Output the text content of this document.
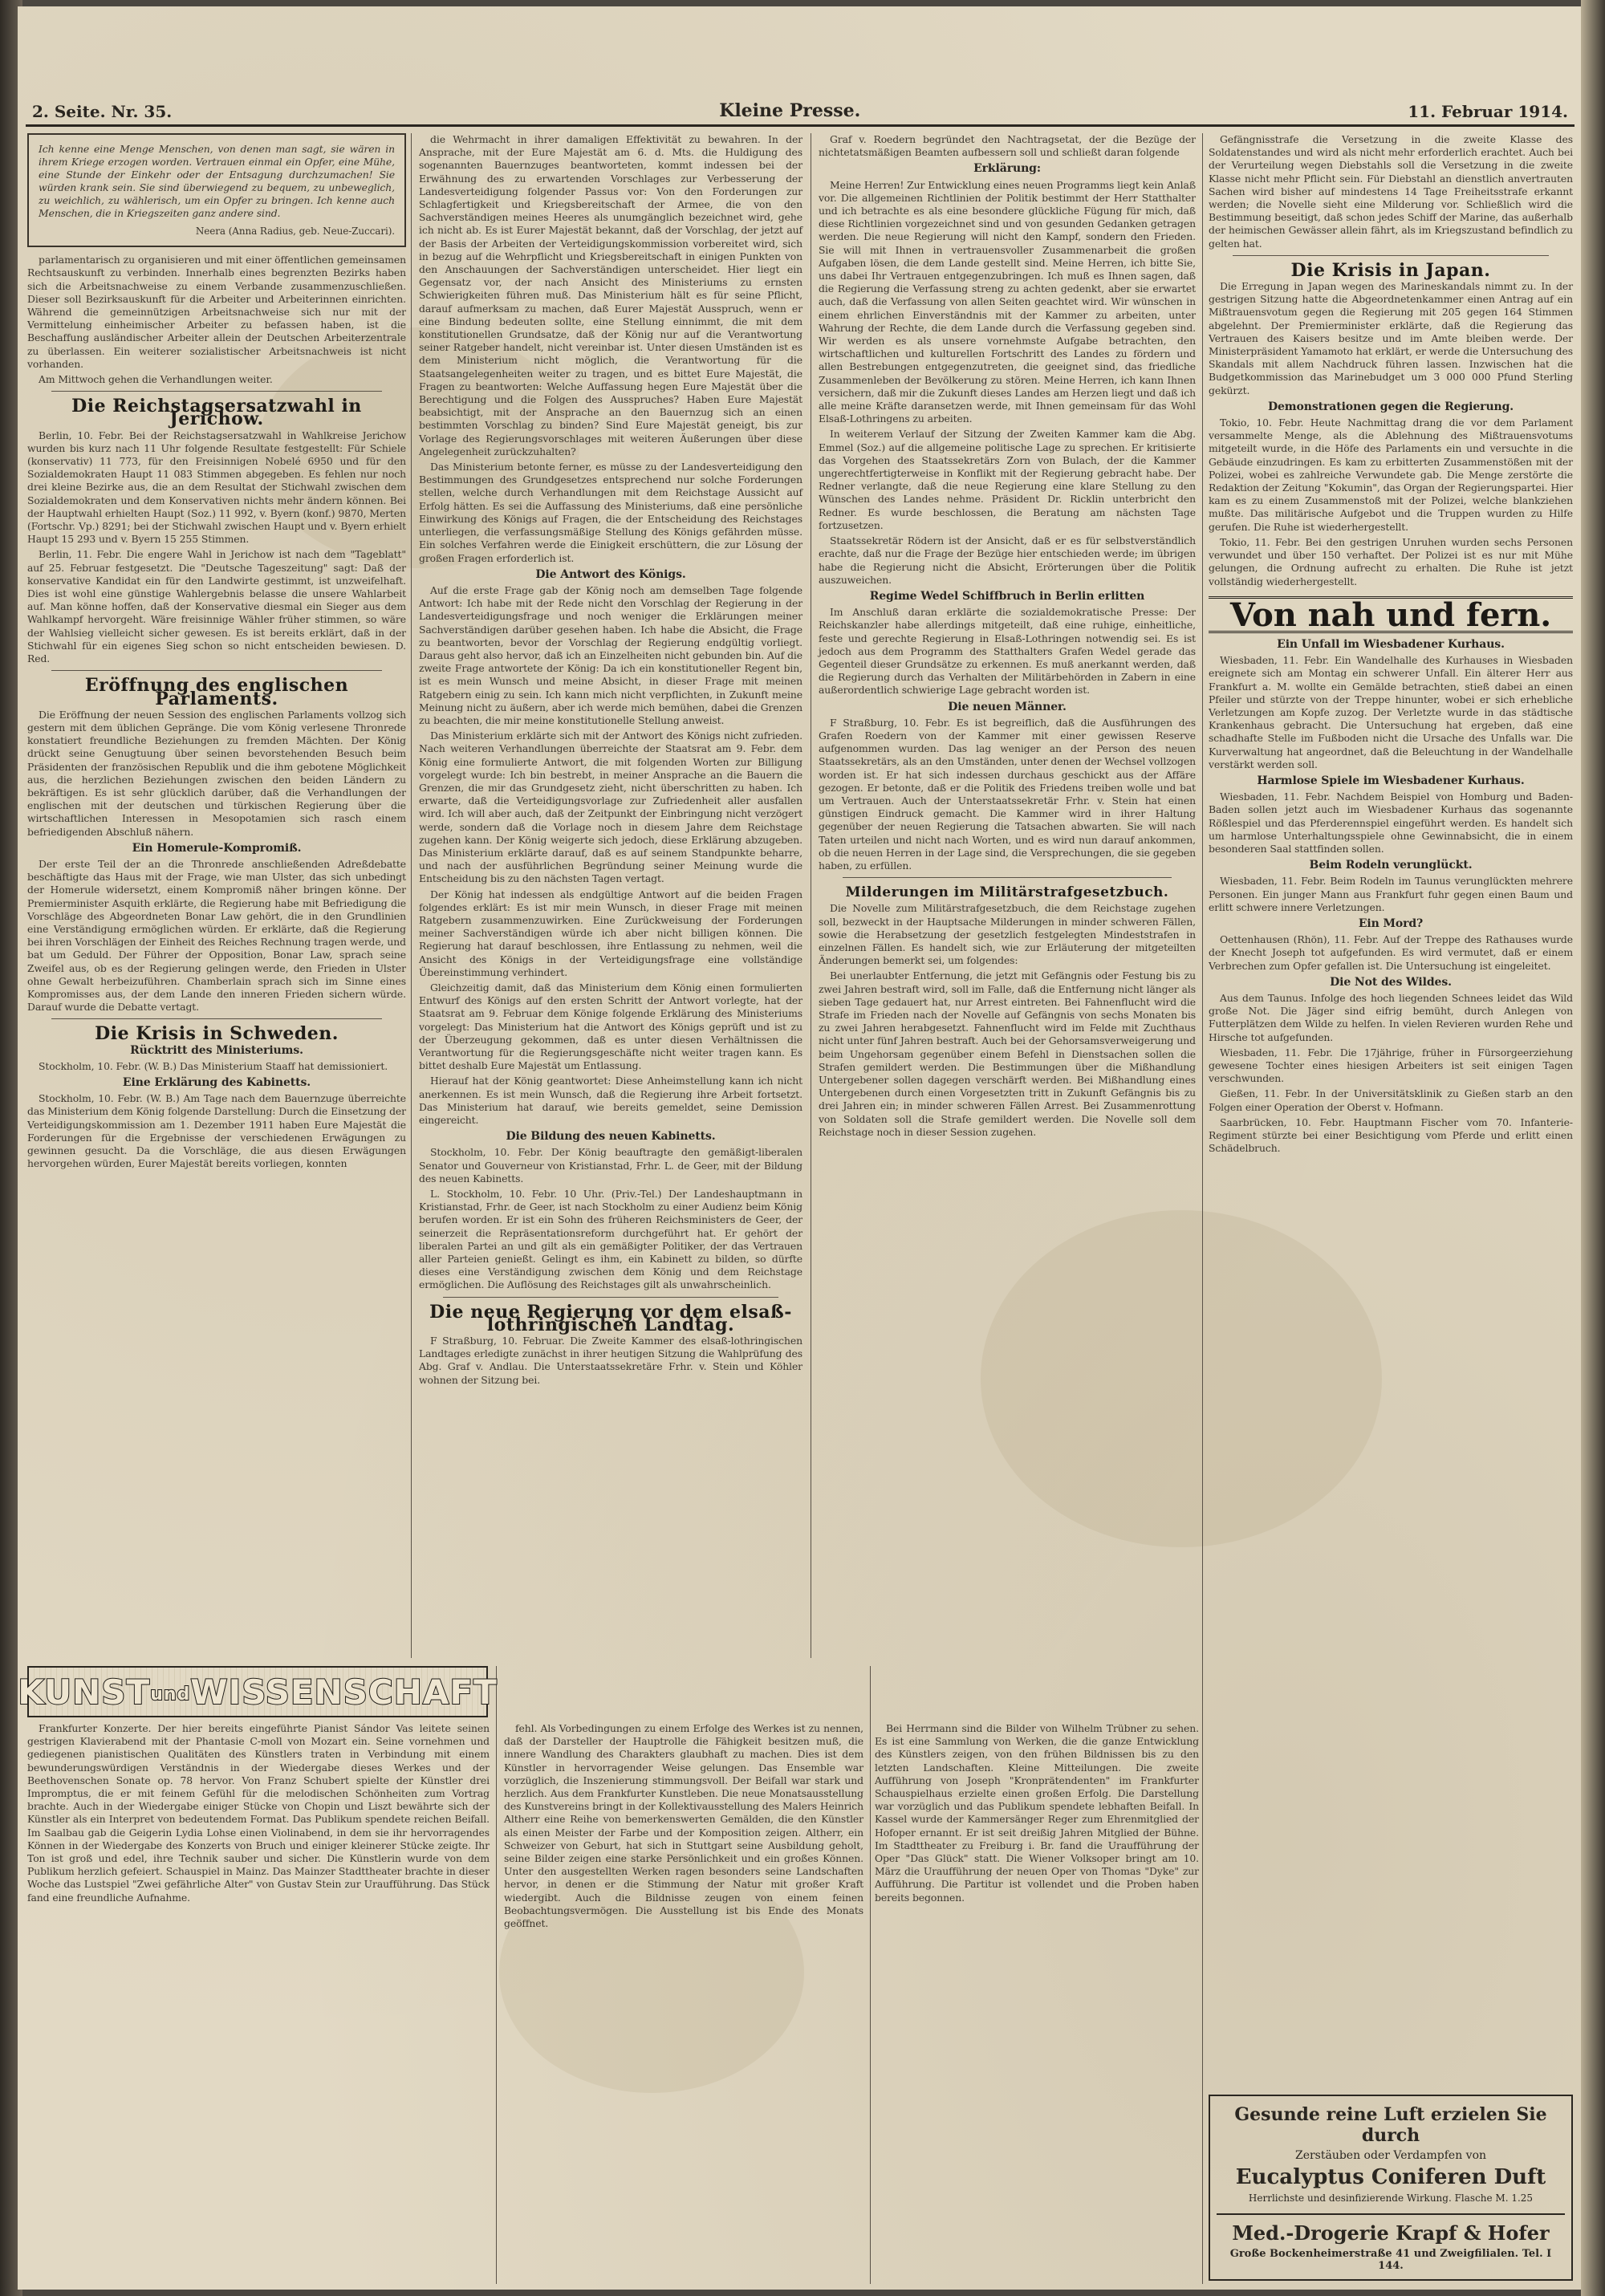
2. Seite. Nr. 35.	Kleine Presse.	11. Februar 1914.
Ich kenne eine Menge Menschen, von denen man sagt, sie wären in ihrem Kriege erzogen worden. Vertrauen einmal ein Opfer, eine Mühe, eine Stunde der Einkehr oder der Entsagung durchzumachen! Sie würden krank sein. Sie sind überwiegend zu bequem, zu unbeweglich, zu weichlich, zu wählerisch, um ein Opfer zu bringen. Ich kenne auch Menschen, die in Kriegszeiten ganz andere sind.
Neera (Anna Radius, geb. Neue-Zuccari).

parlamentarisch zu organisieren und mit einer öffentlichen gemeinsamen Rechtsauskunft zu verbinden. Innerhalb eines begrenzten Bezirks haben sich die Arbeitsnachweise zu einem Verbande zusammenzuschließen. Dieser soll Bezirksauskunft für die Arbeiter und Arbeiterinnen einrichten. Während die gemeinnützigen Arbeitsnachweise sich nur mit der Vermittelung einheimischer Arbeiter zu befassen haben, ist die Beschaffung ausländischer Arbeiter allein der Deutschen Arbeiterzentrale zu überlassen. Ein weiterer sozialistischer Arbeitsnachweis ist nicht vorhanden.

Am Mittwoch gehen die Verhandlungen weiter.

Die Reichstagsersatzwahl in Jerichow.

Berlin, 10. Febr. Bei der Reichstagsersatzwahl in Wahlkreise Jerichow wurden bis kurz nach 11 Uhr folgende Resultate festgestellt: Für Schiele (konservativ) 11 773, für den Freisinnigen Nobelé 6950 und für den Sozialdemokraten Haupt 11 083 Stimmen abgegeben. Es fehlen nur noch drei kleine Bezirke aus, die an dem Resultat der Stichwahl zwischen dem Sozialdemokraten und dem Konservativen nichts mehr ändern können. Bei der Hauptwahl erhielten Haupt (Soz.) 11 992, v. Byern (konf.) 9870, Merten (Fortschr. Vp.) 8291; bei der Stichwahl zwischen Haupt und v. Byern erhielt Haupt 15 293 und v. Byern 15 255 Stimmen.

Berlin, 11. Febr. Die engere Wahl in Jerichow ist nach dem "Tageblatt" auf 25. Februar festgesetzt. Die "Deutsche Tageszeitung" sagt: Daß der konservative Kandidat ein für den Landwirte gestimmt, ist unzweifelhaft. Dies ist wohl eine günstige Wahlergebnis belasse die unsere Wahlarbeit auf. Man könne hoffen, daß der Konservative diesmal ein Sieger aus dem Wahlkampf hervorgeht. Wäre freisinnige Wähler früher stimmen, so wäre der Wahlsieg vielleicht sicher gewesen. Es ist bereits erklärt, daß in der Stichwahl für ein eigenes Sieg schon so nicht entscheiden bewiesen. D. Red.

Eröffnung des englischen Parlaments.

Die Eröffnung der neuen Session des englischen Parlaments vollzog sich gestern mit dem üblichen Gepränge. Die vom König verlesene Thronrede konstatiert freundliche Beziehungen zu fremden Mächten. Der König drückt seine Genugtuung über seinen bevorstehenden Besuch beim Präsidenten der französischen Republik und die ihm gebotene Möglichkeit aus, die herzlichen Beziehungen zwischen den beiden Ländern zu bekräftigen. Es ist sehr glücklich darüber, daß die Verhandlungen der englischen mit der deutschen und türkischen Regierung über die wirtschaftlichen Interessen in Mesopotamien sich rasch einem befriedigenden Abschluß nähern.

Ein Homerule-Kompromiß.

Der erste Teil der an die Thronrede anschließenden Adreßdebatte beschäftigte das Haus mit der Frage, wie man Ulster, das sich unbedingt der Homerule widersetzt, einem Kompromiß näher bringen könne. Der Premierminister Asquith erklärte, die Regierung habe mit Befriedigung die Vorschläge des Abgeordneten Bonar Law gehört, die in den Grundlinien eine Verständigung ermöglichen würden. Er erklärte, daß die Regierung bei ihren Vorschlägen der Einheit des Reiches Rechnung tragen werde, und bat um Geduld. Der Führer der Opposition, Bonar Law, sprach seine Zweifel aus, ob es der Regierung gelingen werde, den Frieden in Ulster ohne Gewalt herbeizuführen. Chamberlain sprach sich im Sinne eines Kompromisses aus, der dem Lande den inneren Frieden sichern würde. Darauf wurde die Debatte vertagt.

Die Krisis in Schweden.
Rücktritt des Ministeriums.

Stockholm, 10. Febr. (W. B.) Das Ministerium Staaff hat demissioniert.

Eine Erklärung des Kabinetts.

Stockholm, 10. Febr. (W. B.) Am Tage nach dem Bauernzuge überreichte das Ministerium dem König folgende Darstellung: Durch die Einsetzung der Verteidigungskommission am 1. Dezember 1911 haben Eure Majestät die Forderungen für die Ergebnisse der verschiedenen Erwägungen zu gewinnen gesucht. Da die Vorschläge, die aus diesen Erwägungen hervorgehen würden, Eurer Majestät bereits vorliegen, konnten

die Wehrmacht in ihrer damaligen Effektivität zu bewahren. In der Ansprache, mit der Eure Majestät am 6. d. Mts. die Huldigung des sogenannten Bauernzuges beantworteten, kommt indessen bei der Erwähnung des zu erwartenden Vorschlages zur Verbesserung der Landesverteidigung folgender Passus vor: Von den Forderungen zur Schlagfertigkeit und Kriegsbereitschaft der Armee, die von den Sachverständigen meines Heeres als unumgänglich bezeichnet wird, gehe ich nicht ab. Es ist Eurer Majestät bekannt, daß der Vorschlag, der jetzt auf der Basis der Arbeiten der Verteidigungskommission vorbereitet wird, sich in bezug auf die Wehrpflicht und Kriegsbereitschaft in einigen Punkten von den Anschauungen der Sachverständigen unterscheidet. Hier liegt ein Gegensatz vor, der nach Ansicht des Ministeriums zu ernsten Schwierigkeiten führen muß. Das Ministerium hält es für seine Pflicht, darauf aufmerksam zu machen, daß Eurer Majestät Ausspruch, wenn er eine Bindung bedeuten sollte, eine Stellung einnimmt, die mit dem konstitutionellen Grundsatze, daß der König nur auf die Verantwortung seiner Ratgeber handelt, nicht vereinbar ist. Unter diesen Umständen ist es dem Ministerium nicht möglich, die Verantwortung für die Staatsangelegenheiten weiter zu tragen, und es bittet Eure Majestät, die Fragen zu beantworten: Welche Auffassung hegen Eure Majestät über die Berechtigung und die Folgen des Ausspruches? Haben Eure Majestät beabsichtigt, mit der Ansprache an den Bauernzug sich an einen bestimmten Vorschlag zu binden? Sind Eure Majestät geneigt, bis zur Vorlage des Regierungsvorschlages mit weiteren Äußerungen über diese Angelegenheit zurückzuhalten?

Das Ministerium betonte ferner, es müsse zu der Landesverteidigung den Bestimmungen des Grundgesetzes entsprechend nur solche Forderungen stellen, welche durch Verhandlungen mit dem Reichstage Aussicht auf Erfolg hätten. Es sei die Auffassung des Ministeriums, daß eine persönliche Einwirkung des Königs auf Fragen, die der Entscheidung des Reichstages unterliegen, die verfassungsmäßige Stellung des Königs gefährden müsse. Ein solches Verfahren werde die Einigkeit erschüttern, die zur Lösung der großen Fragen erforderlich ist.

Die Antwort des Königs.

Auf die erste Frage gab der König noch am demselben Tage folgende Antwort: Ich habe mit der Rede nicht den Vorschlag der Regierung in der Landesverteidigungsfrage und noch weniger die Erklärungen meiner Sachverständigen darüber gesehen haben. Ich habe die Absicht, die Frage zu beantworten, bevor der Vorschlag der Regierung endgültig vorliegt. Daraus geht also hervor, daß ich an Einzelheiten nicht gebunden bin. Auf die zweite Frage antwortete der König: Da ich ein konstitutioneller Regent bin, ist es mein Wunsch und meine Absicht, in dieser Frage mit meinen Ratgebern einig zu sein. Ich kann mich nicht verpflichten, in Zukunft meine Meinung nicht zu äußern, aber ich werde mich bemühen, dabei die Grenzen zu beachten, die mir meine konstitutionelle Stellung anweist.

Das Ministerium erklärte sich mit der Antwort des Königs nicht zufrieden. Nach weiteren Verhandlungen überreichte der Staatsrat am 9. Febr. dem König eine formulierte Antwort, die mit folgenden Worten zur Billigung vorgelegt wurde: Ich bin bestrebt, in meiner Ansprache an die Bauern die Grenzen, die mir das Grundgesetz zieht, nicht überschritten zu haben. Ich erwarte, daß die Verteidigungsvorlage zur Zufriedenheit aller ausfallen wird. Ich will aber auch, daß der Zeitpunkt der Einbringung nicht verzögert werde, sondern daß die Vorlage noch in diesem Jahre dem Reichstage zugehen kann. Der König weigerte sich jedoch, diese Erklärung abzugeben. Das Ministerium erklärte darauf, daß es auf seinem Standpunkte beharre, und nach der ausführlichen Begründung seiner Meinung wurde die Entscheidung bis zu den nächsten Tagen vertagt.

Der König hat indessen als endgültige Antwort auf die beiden Fragen folgendes erklärt: Es ist mir mein Wunsch, in dieser Frage mit meinen Ratgebern zusammenzuwirken. Eine Zurückweisung der Forderungen meiner Sachverständigen würde ich aber nicht billigen können. Die Regierung hat darauf beschlossen, ihre Entlassung zu nehmen, weil die Ansicht des Königs in der Verteidigungsfrage eine vollständige Übereinstimmung verhindert.

Gleichzeitig damit, daß das Ministerium dem König einen formulierten Entwurf des Königs auf den ersten Schritt der Antwort vorlegte, hat der Staatsrat am 9. Februar dem Könige folgende Erklärung des Ministeriums vorgelegt: Das Ministerium hat die Antwort des Königs geprüft und ist zu der Überzeugung gekommen, daß es unter diesen Verhältnissen die Verantwortung für die Regierungsgeschäfte nicht weiter tragen kann. Es bittet deshalb Eure Majestät um Entlassung.

Hierauf hat der König geantwortet: Diese Anheimstellung kann ich nicht anerkennen. Es ist mein Wunsch, daß die Regierung ihre Arbeit fortsetzt. Das Ministerium hat darauf, wie bereits gemeldet, seine Demission eingereicht.

Die Bildung des neuen Kabinetts.

Stockholm, 10. Febr. Der König beauftragte den gemäßigt-liberalen Senator und Gouverneur von Kristianstad, Frhr. L. de Geer, mit der Bildung des neuen Kabinetts.

L. Stockholm, 10. Febr. 10 Uhr. (Priv.-Tel.) Der Landeshauptmann in Kristianstad, Frhr. de Geer, ist nach Stockholm zu einer Audienz beim König berufen worden. Er ist ein Sohn des früheren Reichsministers de Geer, der seinerzeit die Repräsentationsreform durchgeführt hat. Er gehört der liberalen Partei an und gilt als ein gemäßigter Politiker, der das Vertrauen aller Parteien genießt. Gelingt es ihm, ein Kabinett zu bilden, so dürfte dieses eine Verständigung zwischen dem König und dem Reichstage ermöglichen. Die Auflösung des Reichstages gilt als unwahrscheinlich.

Die neue Regierung vor dem elsaß-lothringischen Landtag.

F Straßburg, 10. Februar. Die Zweite Kammer des elsaß-lothringischen Landtages erledigte zunächst in ihrer heutigen Sitzung die Wahlprüfung des Abg. Graf v. Andlau. Die Unterstaatssekretäre Frhr. v. Stein und Köhler wohnen der Sitzung bei.

Graf v. Roedern begründet den Nachtragsetat, der die Bezüge der nichtetatsmäßigen Beamten aufbessern soll und schließt daran folgende

Erklärung:

Meine Herren! Zur Entwicklung eines neuen Programms liegt kein Anlaß vor. Die allgemeinen Richtlinien der Politik bestimmt der Herr Statthalter und ich betrachte es als eine besondere glückliche Fügung für mich, daß diese Richtlinien vorgezeichnet sind und von gesunden Gedanken getragen werden. Die neue Regierung will nicht den Kampf, sondern den Frieden. Sie will mit Ihnen in vertrauensvoller Zusammenarbeit die großen Aufgaben lösen, die dem Lande gestellt sind. Meine Herren, ich bitte Sie, uns dabei Ihr Vertrauen entgegenzubringen. Ich muß es Ihnen sagen, daß die Regierung die Verfassung streng zu achten gedenkt, aber sie erwartet auch, daß die Verfassung von allen Seiten geachtet wird. Wir wünschen in einem ehrlichen Einverständnis mit der Kammer zu arbeiten, unter Wahrung der Rechte, die dem Lande durch die Verfassung gegeben sind. Wir werden es als unsere vornehmste Aufgabe betrachten, den wirtschaftlichen und kulturellen Fortschritt des Landes zu fördern und allen Bestrebungen entgegenzutreten, die geeignet sind, das friedliche Zusammenleben der Bevölkerung zu stören. Meine Herren, ich kann Ihnen versichern, daß mir die Zukunft dieses Landes am Herzen liegt und daß ich alle meine Kräfte daransetzen werde, mit Ihnen gemeinsam für das Wohl Elsaß-Lothringens zu arbeiten.

In weiterem Verlauf der Sitzung der Zweiten Kammer kam die Abg. Emmel (Soz.) auf die allgemeine politische Lage zu sprechen. Er kritisierte das Vorgehen des Staatssekretärs Zorn von Bulach, der die Kammer ungerechtfertigterweise in Konflikt mit der Regierung gebracht habe. Der Redner verlangte, daß die neue Regierung eine klare Stellung zu den Wünschen des Landes nehme. Präsident Dr. Ricklin unterbricht den Redner. Es wurde beschlossen, die Beratung am nächsten Tage fortzusetzen.

Staatssekretär Rödern ist der Ansicht, daß er es für selbstverständlich erachte, daß nur die Frage der Bezüge hier entschieden werde; im übrigen habe die Regierung nicht die Absicht, Erörterungen über die Politik auszuweichen.

Regime Wedel Schiffbruch in Berlin erlitten

Im Anschluß daran erklärte die sozialdemokratische Presse: Der Reichskanzler habe allerdings mitgeteilt, daß eine ruhige, einheitliche, feste und gerechte Regierung in Elsaß-Lothringen notwendig sei. Es ist jedoch aus dem Programm des Statthalters Grafen Wedel gerade das Gegenteil dieser Grundsätze zu erkennen. Es muß anerkannt werden, daß die Regierung durch das Verhalten der Militärbehörden in Zabern in eine außerordentlich schwierige Lage gebracht worden ist.

Die neuen Männer.

F Straßburg, 10. Febr. Es ist begreiflich, daß die Ausführungen des Grafen Roedern von der Kammer mit einer gewissen Reserve aufgenommen wurden. Das lag weniger an der Person des neuen Staatssekretärs, als an den Umständen, unter denen der Wechsel vollzogen worden ist. Er hat sich indessen durchaus geschickt aus der Affäre gezogen. Er betonte, daß er die Politik des Friedens treiben wolle und bat um Vertrauen. Auch der Unterstaatssekretär Frhr. v. Stein hat einen günstigen Eindruck gemacht. Die Kammer wird in ihrer Haltung gegenüber der neuen Regierung die Tatsachen abwarten. Sie will nach Taten urteilen und nicht nach Worten, und es wird nun darauf ankommen, ob die neuen Herren in der Lage sind, die Versprechungen, die sie gegeben haben, zu erfüllen.

Milderungen im Militärstrafgesetzbuch.

Die Novelle zum Militärstrafgesetzbuch, die dem Reichstage zugehen soll, bezweckt in der Hauptsache Milderungen in minder schweren Fällen, sowie die Herabsetzung der gesetzlich festgelegten Mindeststrafen in einzelnen Fällen. Es handelt sich, wie zur Erläuterung der mitgeteilten Änderungen bemerkt sei, um folgendes:

Bei unerlaubter Entfernung, die jetzt mit Gefängnis oder Festung bis zu zwei Jahren bestraft wird, soll im Falle, daß die Entfernung nicht länger als sieben Tage gedauert hat, nur Arrest eintreten. Bei Fahnenflucht wird die Strafe im Frieden nach der Novelle auf Gefängnis von sechs Monaten bis zu zwei Jahren herabgesetzt. Fahnenflucht wird im Felde mit Zuchthaus nicht unter fünf Jahren bestraft. Auch bei der Gehorsamsverweigerung und beim Ungehorsam gegenüber einem Befehl in Dienstsachen sollen die Strafen gemildert werden. Die Bestimmungen über die Mißhandlung Untergebener sollen dagegen verschärft werden. Bei Mißhandlung eines Untergebenen durch einen Vorgesetzten tritt in Zukunft Gefängnis bis zu drei Jahren ein; in minder schweren Fällen Arrest. Bei Zusammenrottung von Soldaten soll die Strafe gemildert werden. Die Novelle soll dem Reichstage noch in dieser Session zugehen.

Gefängnisstrafe die Versetzung in die zweite Klasse des Soldatenstandes und wird als nicht mehr erforderlich erachtet. Auch bei der Verurteilung wegen Diebstahls soll die Versetzung in die zweite Klasse nicht mehr Pflicht sein. Für Diebstahl an dienstlich anvertrauten Sachen wird bisher auf mindestens 14 Tage Freiheitsstrafe erkannt werden; die Novelle sieht eine Milderung vor. Schließlich wird die Bestimmung beseitigt, daß schon jedes Schiff der Marine, das außerhalb der heimischen Gewässer allein fährt, als im Kriegszustand befindlich zu gelten hat.

Die Krisis in Japan.

Die Erregung in Japan wegen des Marineskandals nimmt zu. In der gestrigen Sitzung hatte die Abgeordnetenkammer einen Antrag auf ein Mißtrauensvotum gegen die Regierung mit 205 gegen 164 Stimmen abgelehnt. Der Premierminister erklärte, daß die Regierung das Vertrauen des Kaisers besitze und im Amte bleiben werde. Der Ministerpräsident Yamamoto hat erklärt, er werde die Untersuchung des Skandals mit allem Nachdruck führen lassen. Inzwischen hat die Budgetkommission das Marinebudget um 3 000 000 Pfund Sterling gekürzt.

Demonstrationen gegen die Regierung.

Tokio, 10. Febr. Heute Nachmittag drang die vor dem Parlament versammelte Menge, als die Ablehnung des Mißtrauensvotums mitgeteilt wurde, in die Höfe des Parlaments ein und versuchte in die Gebäude einzudringen. Es kam zu erbitterten Zusammenstößen mit der Polizei, wobei es zahlreiche Verwundete gab. Die Menge zerstörte die Redaktion der Zeitung "Kokumin", das Organ der Regierungspartei. Hier kam es zu einem Zusammenstoß mit der Polizei, welche blankziehen mußte. Das militärische Aufgebot und die Truppen wurden zu Hilfe gerufen. Die Ruhe ist wiederhergestellt.

Tokio, 11. Febr. Bei den gestrigen Unruhen wurden sechs Personen verwundet und über 150 verhaftet. Der Polizei ist es nur mit Mühe gelungen, die Ordnung aufrecht zu erhalten. Die Ruhe ist jetzt vollständig wiederhergestellt.

Von nah und fern.
Ein Unfall im Wiesbadener Kurhaus.

Wiesbaden, 11. Febr. Ein Wandelhalle des Kurhauses in Wiesbaden ereignete sich am Montag ein schwerer Unfall. Ein älterer Herr aus Frankfurt a. M. wollte ein Gemälde betrachten, stieß dabei an einen Pfeiler und stürzte von der Treppe hinunter, wobei er sich erhebliche Verletzungen am Kopfe zuzog. Der Verletzte wurde in das städtische Krankenhaus gebracht. Die Untersuchung hat ergeben, daß eine schadhafte Stelle im Fußboden nicht die Ursache des Unfalls war. Die Kurverwaltung hat angeordnet, daß die Beleuchtung in der Wandelhalle verstärkt werden soll.

Harmlose Spiele im Wiesbadener Kurhaus.

Wiesbaden, 11. Febr. Nachdem Beispiel von Homburg und Baden-Baden sollen jetzt auch im Wiesbadener Kurhaus das sogenannte Rößlespiel und das Pferderennspiel eingeführt werden. Es handelt sich um harmlose Unterhaltungsspiele ohne Gewinnabsicht, die in einem besonderen Saal stattfinden sollen.

Beim Rodeln verunglückt.

Wiesbaden, 11. Febr. Beim Rodeln im Taunus verunglückten mehrere Personen. Ein junger Mann aus Frankfurt fuhr gegen einen Baum und erlitt schwere innere Verletzungen.

Ein Mord?

Oettenhausen (Rhön), 11. Febr. Auf der Treppe des Rathauses wurde der Knecht Joseph tot aufgefunden. Es wird vermutet, daß er einem Verbrechen zum Opfer gefallen ist. Die Untersuchung ist eingeleitet.

Die Not des Wildes.

Aus dem Taunus. Infolge des hoch liegenden Schnees leidet das Wild große Not. Die Jäger sind eifrig bemüht, durch Anlegen von Futterplätzen dem Wilde zu helfen. In vielen Revieren wurden Rehe und Hirsche tot aufgefunden.

Wiesbaden, 11. Febr. Die 17jährige, früher in Fürsorgeerziehung gewesene Tochter eines hiesigen Arbeiters ist seit einigen Tagen verschwunden.

Gießen, 11. Febr. In der Universitätsklinik zu Gießen starb an den Folgen einer Operation der Oberst v. Hofmann.

Saarbrücken, 10. Febr. Hauptmann Fischer vom 70. Infanterie-Regiment stürzte bei einer Besichtigung vom Pferde und erlitt einen Schädelbruch.

KUNSTundWISSENSCHAFT

Frankfurter Konzerte. Der hier bereits eingeführte Pianist Sándor Vas leitete seinen gestrigen Klavierabend mit der Phantasie C-moll von Mozart ein. Seine vornehmen und gediegenen pianistischen Qualitäten des Künstlers traten in Verbindung mit einem bewunderungswürdigen Verständnis in der Wiedergabe dieses Werkes und der Beethovenschen Sonate op. 78 hervor. Von Franz Schubert spielte der Künstler drei Impromptus, die er mit feinem Gefühl für die melodischen Schönheiten zum Vortrag brachte. Auch in der Wiedergabe einiger Stücke von Chopin und Liszt bewährte sich der Künstler als ein Interpret von bedeutendem Format. Das Publikum spendete reichen Beifall. Im Saalbau gab die Geigerin Lydia Lohse einen Violinabend, in dem sie ihr hervorragendes Können in der Wiedergabe des Konzerts von Bruch und einiger kleinerer Stücke zeigte. Ihr Ton ist groß und edel, ihre Technik sauber und sicher. Die Künstlerin wurde von dem Publikum herzlich gefeiert. Schauspiel in Mainz. Das Mainzer Stadttheater brachte in dieser Woche das Lustspiel "Zwei gefährliche Alter" von Gustav Stein zur Uraufführung. Das Stück fand eine freundliche Aufnahme.

fehl. Als Vorbedingungen zu einem Erfolge des Werkes ist zu nennen, daß der Darsteller der Hauptrolle die Fähigkeit besitzen muß, die innere Wandlung des Charakters glaubhaft zu machen. Dies ist dem Künstler in hervorragender Weise gelungen. Das Ensemble war vorzüglich, die Inszenierung stimmungsvoll. Der Beifall war stark und herzlich. Aus dem Frankfurter Kunstleben. Die neue Monatsausstellung des Kunstvereins bringt in der Kollektivausstellung des Malers Heinrich Altherr eine Reihe von bemerkenswerten Gemälden, die den Künstler als einen Meister der Farbe und der Komposition zeigen. Altherr, ein Schweizer von Geburt, hat sich in Stuttgart seine Ausbildung geholt, seine Bilder zeigen eine starke Persönlichkeit und ein großes Können. Unter den ausgestellten Werken ragen besonders seine Landschaften hervor, in denen er die Stimmung der Natur mit großer Kraft wiedergibt. Auch die Bildnisse zeugen von einem feinen Beobachtungsvermögen. Die Ausstellung ist bis Ende des Monats geöffnet.

Bei Herrmann sind die Bilder von Wilhelm Trübner zu sehen. Es ist eine Sammlung von Werken, die die ganze Entwicklung des Künstlers zeigen, von den frühen Bildnissen bis zu den letzten Landschaften. Kleine Mitteilungen. Die zweite Aufführung von Joseph "Kronprätendenten" im Frankfurter Schauspielhaus erzielte einen großen Erfolg. Die Darstellung war vorzüglich und das Publikum spendete lebhaften Beifall. In Kassel wurde der Kammersänger Reger zum Ehrenmitglied der Hofoper ernannt. Er ist seit dreißig Jahren Mitglied der Bühne. Im Stadttheater zu Freiburg i. Br. fand die Uraufführung der Oper "Das Glück" statt. Die Wiener Volksoper bringt am 10. März die Uraufführung der neuen Oper von Thomas "Dyke" zur Aufführung. Die Partitur ist vollendet und die Proben haben bereits begonnen.

Gesunde reine Luft erzielen Sie durch
Zerstäuben oder Verdampfen von
Eucalyptus Coniferen Duft
Herrlichste und desinfizierende Wirkung. Flasche M. 1.25
Med.-Drogerie Krapf & Hofer
Große Bockenheimerstraße 41 und Zweigfilialen. Tel. I 144.
